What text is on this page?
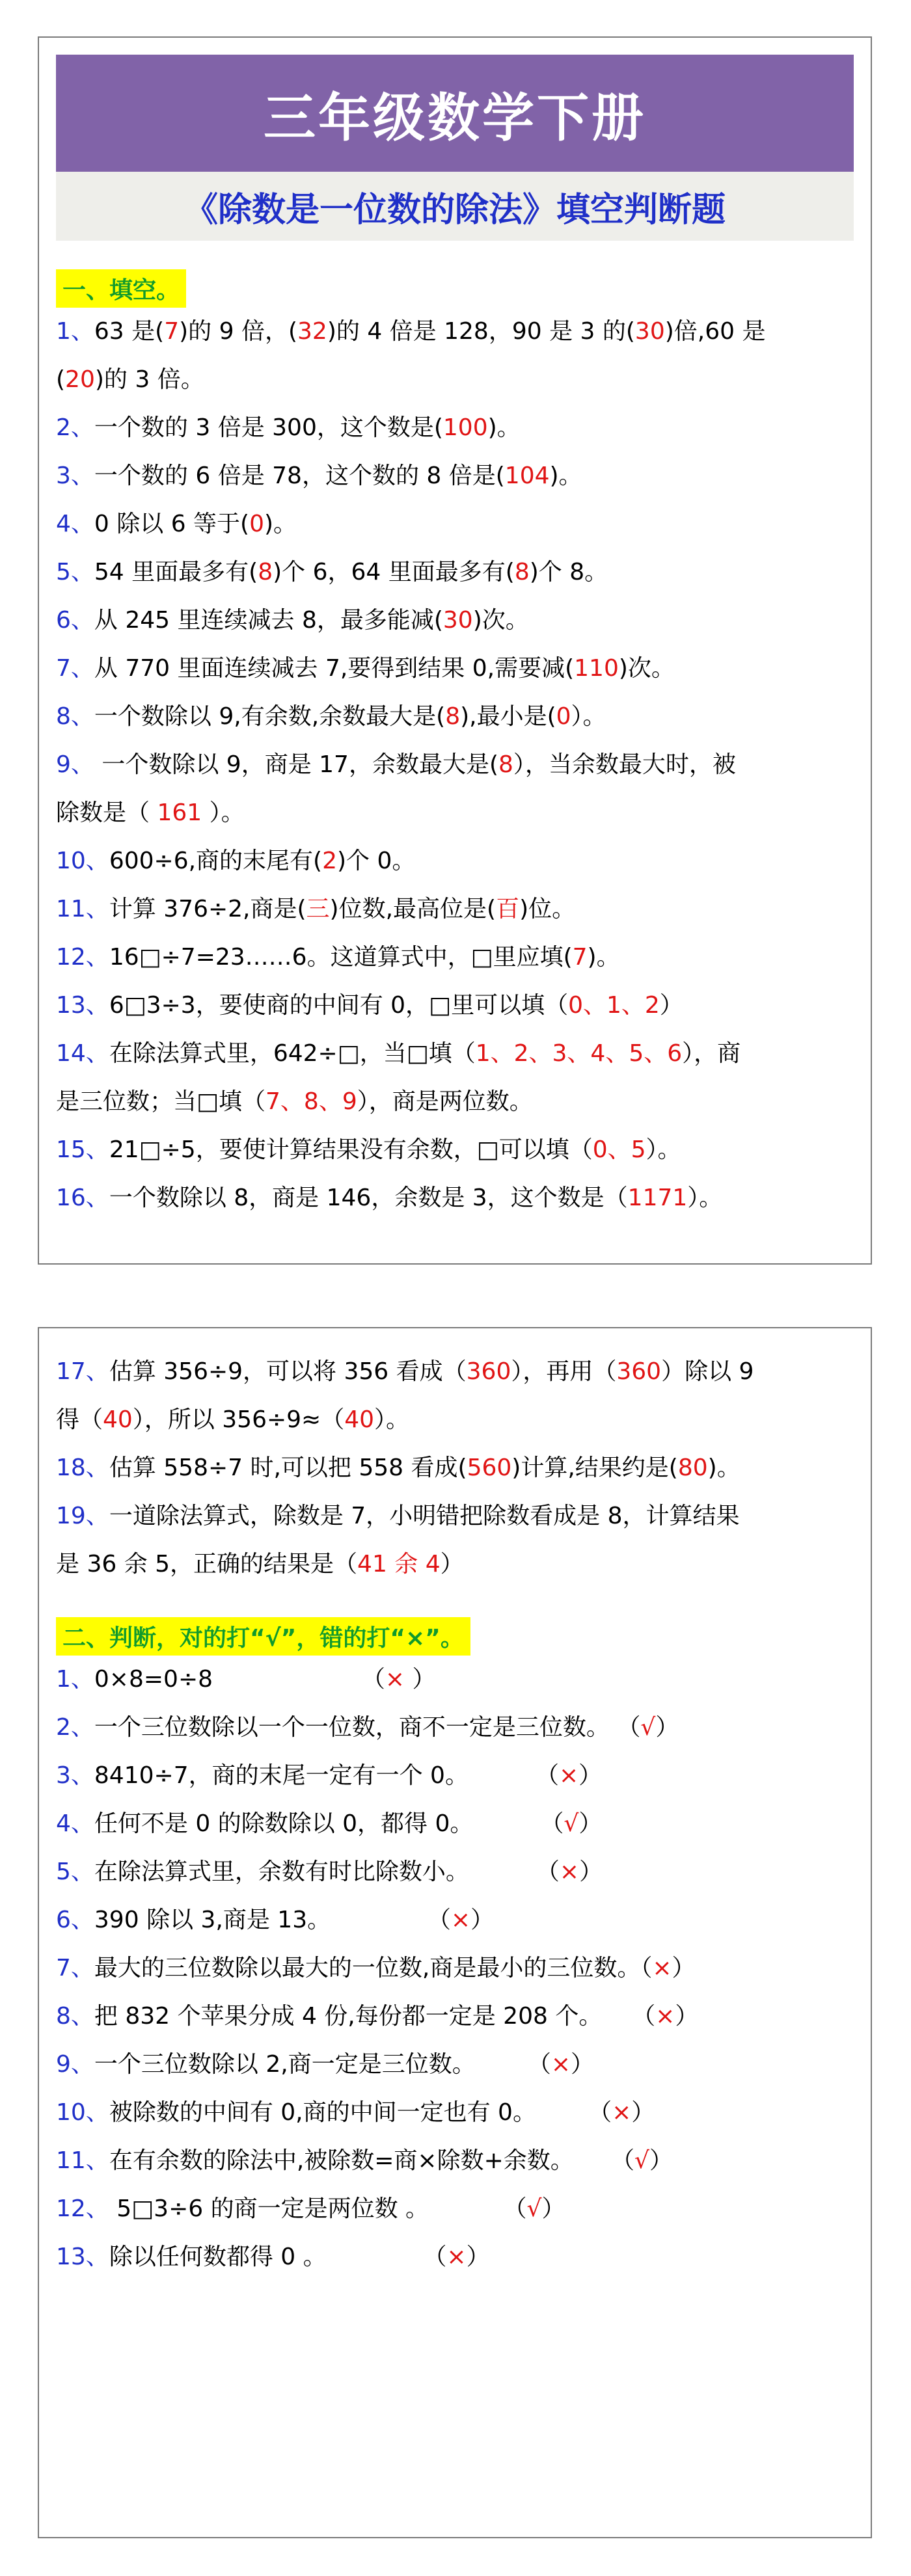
三年级数学下册
《除数是一位数的除法》填空判断题
一、填空。

1、63 是(7)的 9 倍，(32)的 4 倍是 128，90 是 3 的(30)倍,60 是

(20)的 3 倍。

2、一个数的 3 倍是 300，这个数是(100)。

3、一个数的 6 倍是 78，这个数的 8 倍是(104)。

4、0 除以 6 等于(0)。

5、54 里面最多有(8)个 6，64 里面最多有(8)个 8。

6、从 245 里连续减去 8，最多能减(30)次。

7、从 770 里面连续减去 7,要得到结果 0,需要减(110)次。

8、一个数除以 9,有余数,余数最大是(8),最小是(0）。

9、 一个数除以 9，商是 17，余数最大是(8），当余数最大时，被

除数是（ 161 ）。

10、600÷6,商的末尾有(2)个 0。

11、计算 376÷2,商是(三)位数,最高位是(百)位。

12、16□÷7=23……6。这道算式中，□里应填(7)。

13、6□3÷3，要使商的中间有 0，□里可以填（0、1、2）

14、在除法算式里，642÷□，当□填（1、2、3、4、5、6），商

是三位数；当□填（7、8、9），商是两位数。

15、21□÷5，要使计算结果没有余数，□可以填（0、5）。

16、一个数除以 8，商是 146，余数是 3，这个数是（1171）。

17、估算 356÷9，可以将 356 看成（360），再用（360）除以 9

得（40），所以 356÷9≈（40）。

18、估算 558÷7 时,可以把 558 看成(560)计算,结果约是(80)。

19、一道除法算式，除数是 7，小明错把除数看成是 8，计算结果

是 36 余 5，正确的结果是（41 余 4）

二、判断，对的打“√”，错的打“×”。

1、0×8=0÷8                    （× ）

2、一个三位数除以一个一位数，商不一定是三位数。 （√）

3、8410÷7，商的末尾一定有一个 0。         （×）

4、任何不是 0 的除数除以 0，都得 0。         （√）

5、在除法算式里，余数有时比除数小。         （×）

6、390 除以 3,商是 13。             （×）

7、最大的三位数除以最大的一位数,商是最小的三位数。（×）

8、把 832 个苹果分成 4 份,每份都一定是 208 个。    （×）

9、一个三位数除以 2,商一定是三位数。       （×）

10、被除数的中间有 0,商的中间一定也有 0。       （×）

11、在有余数的除法中,被除数=商×除数+余数。     （√）

12、 5□3÷6 的商一定是两位数 。          （√）

13、除以任何数都得 0 。             （×）
